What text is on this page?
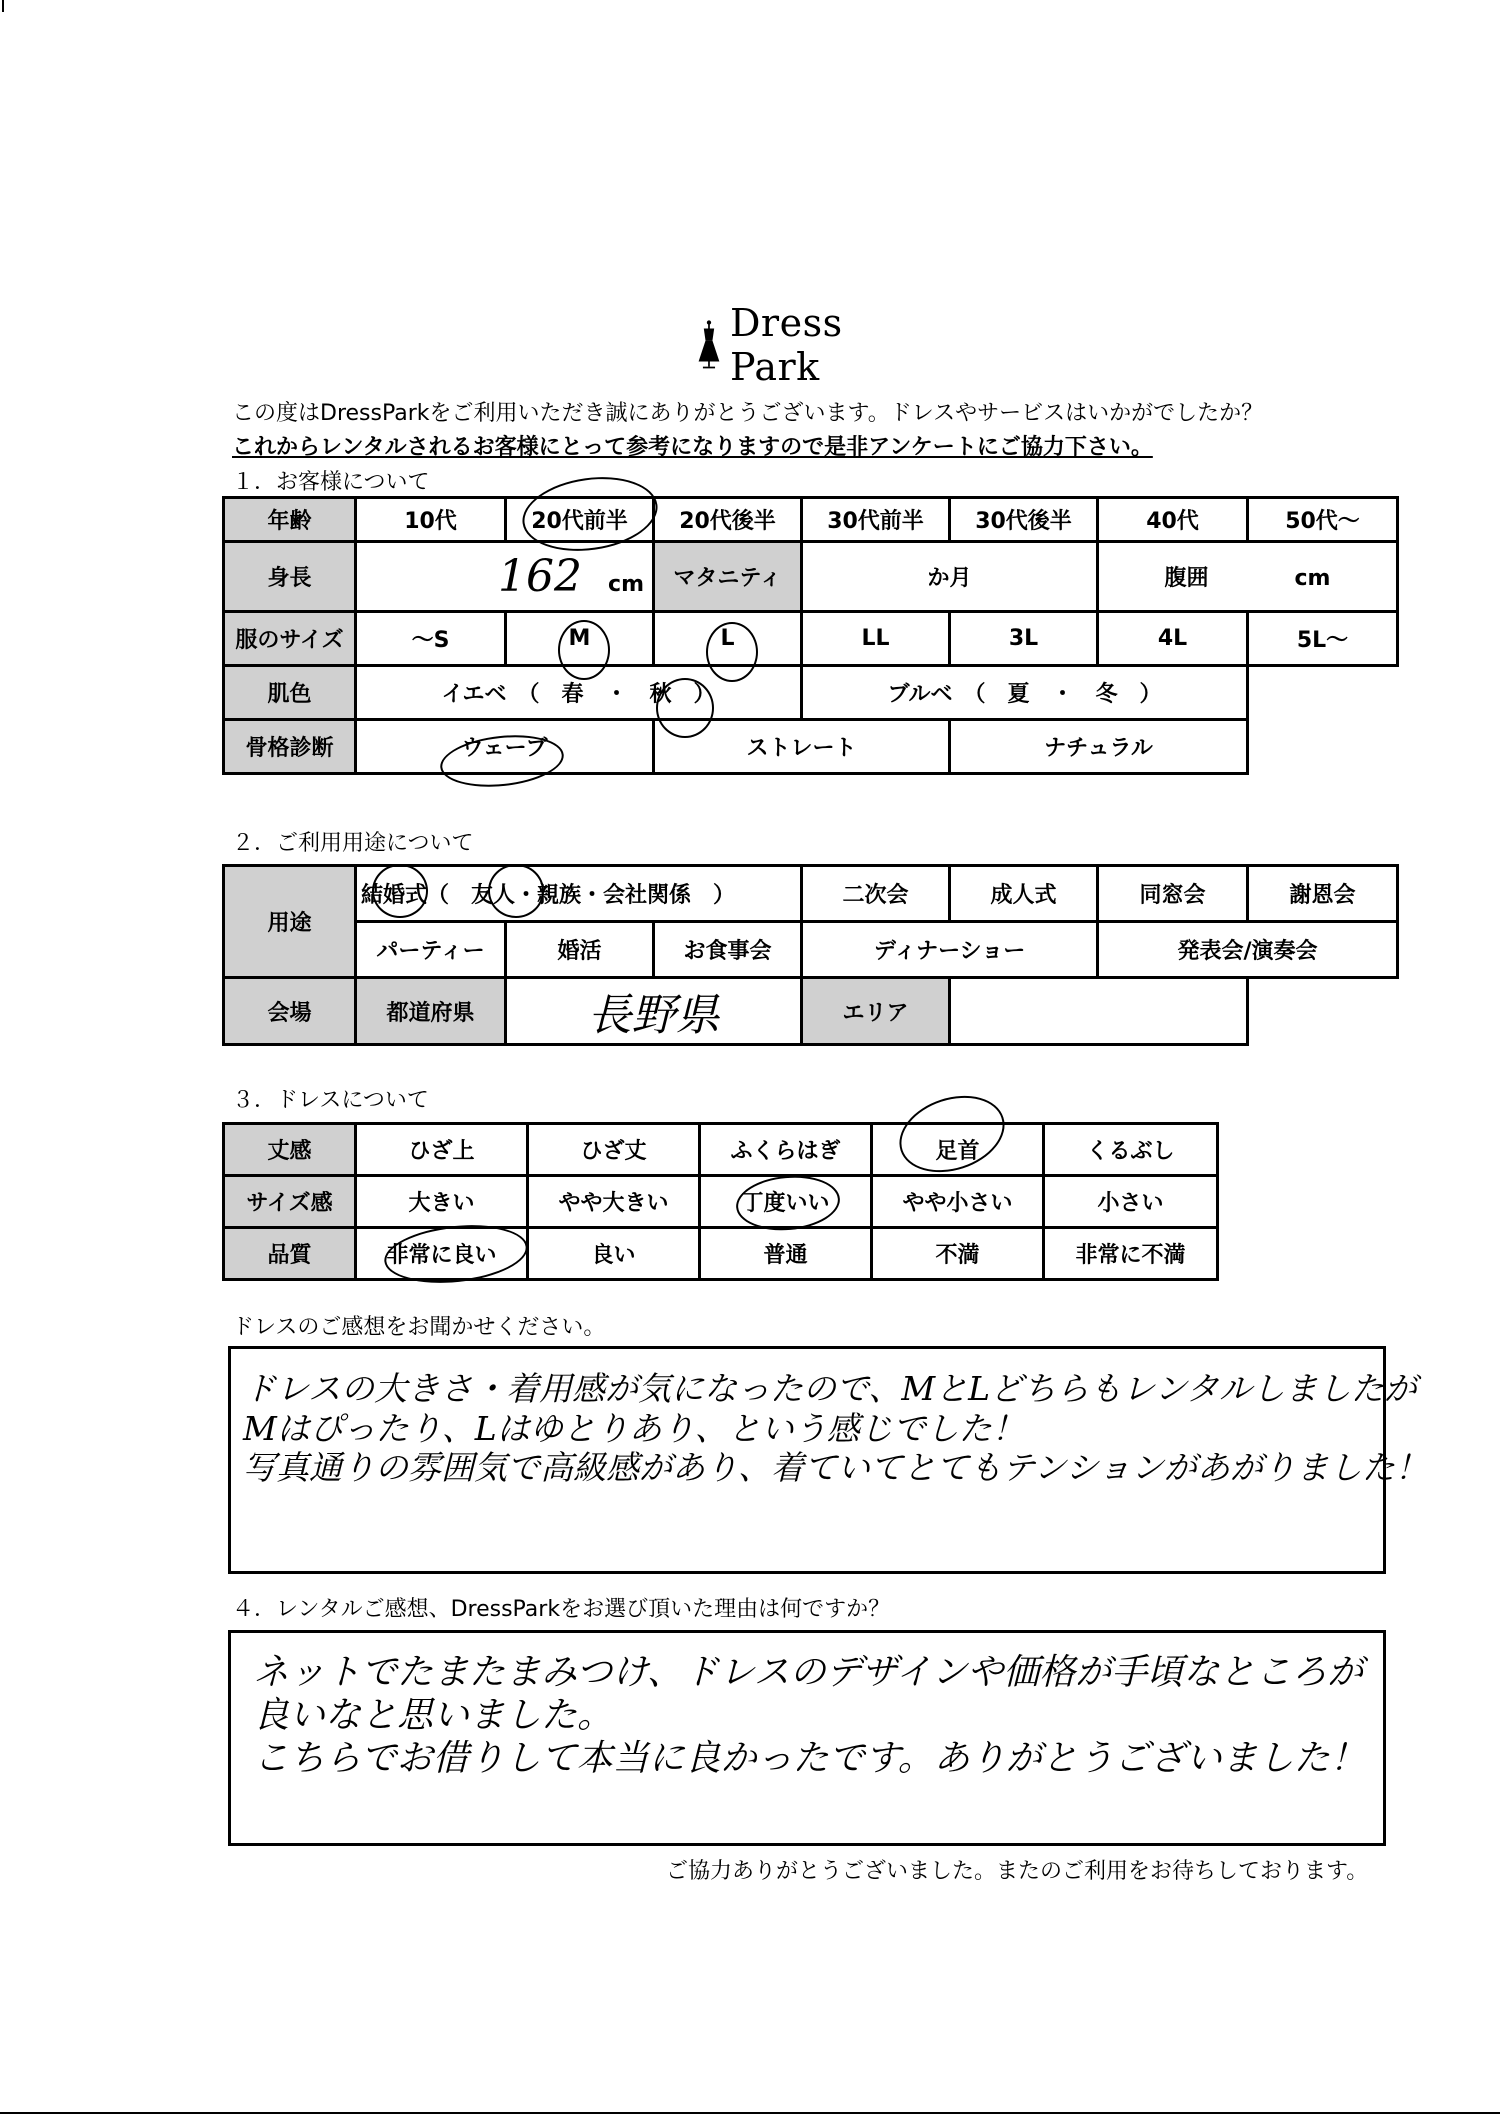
Dress Park
この度はDressParkをご利用いただき誠にありがとうございます。ドレスやサービスはいかがでしたか？
これからレンタルされるお客様にとって参考になりますので是非アンケートにご協力下さい。
１．お客様について
年齢	10代	20代前半	20代後半	30代前半	30代後半	40代	50代～
身長	162 cm		マタニティ	か月		腹囲 cm	
服のサイズ	～S	M	L	LL	3L	4L	5L～
肌色	イエベ　（　春　・　秋　）			ブルベ　（　夏　・　冬　）			
骨格診断	ウェーブ		ストレート		ナチュラル		
２．ご利用用途について
用途	結婚式（　友人・親族・会社関係　）			二次会	成人式	同窓会	謝恩会
	パーティー	婚活	お食事会	ディナーショー		発表会/演奏会	
会場	都道府県	長野県		エリア			
３．ドレスについて
丈感	ひざ上	ひざ丈	ふくらはぎ	足首	くるぶし
サイズ感	大きい	やや大きい	丁度いい	やや小さい	小さい
品質	非常に良い	良い	普通	不満	非常に不満
ドレスのご感想をお聞かせください。
ドレスの大きさ・着用感が気になったので、MとLどちらもレンタルしましたが
Mはぴったり、Lはゆとりあり、という感じでした！
写真通りの雰囲気で高級感があり、着ていてとてもテンションがあがりました！
４．レンタルご感想、DressParkをお選び頂いた理由は何ですか？
ネットでたまたまみつけ、ドレスのデザインや価格が手頃なところが
良いなと思いました。
こちらでお借りして本当に良かったです。ありがとうございました！
ご協力ありがとうございました。またのご利用をお待ちしております。
